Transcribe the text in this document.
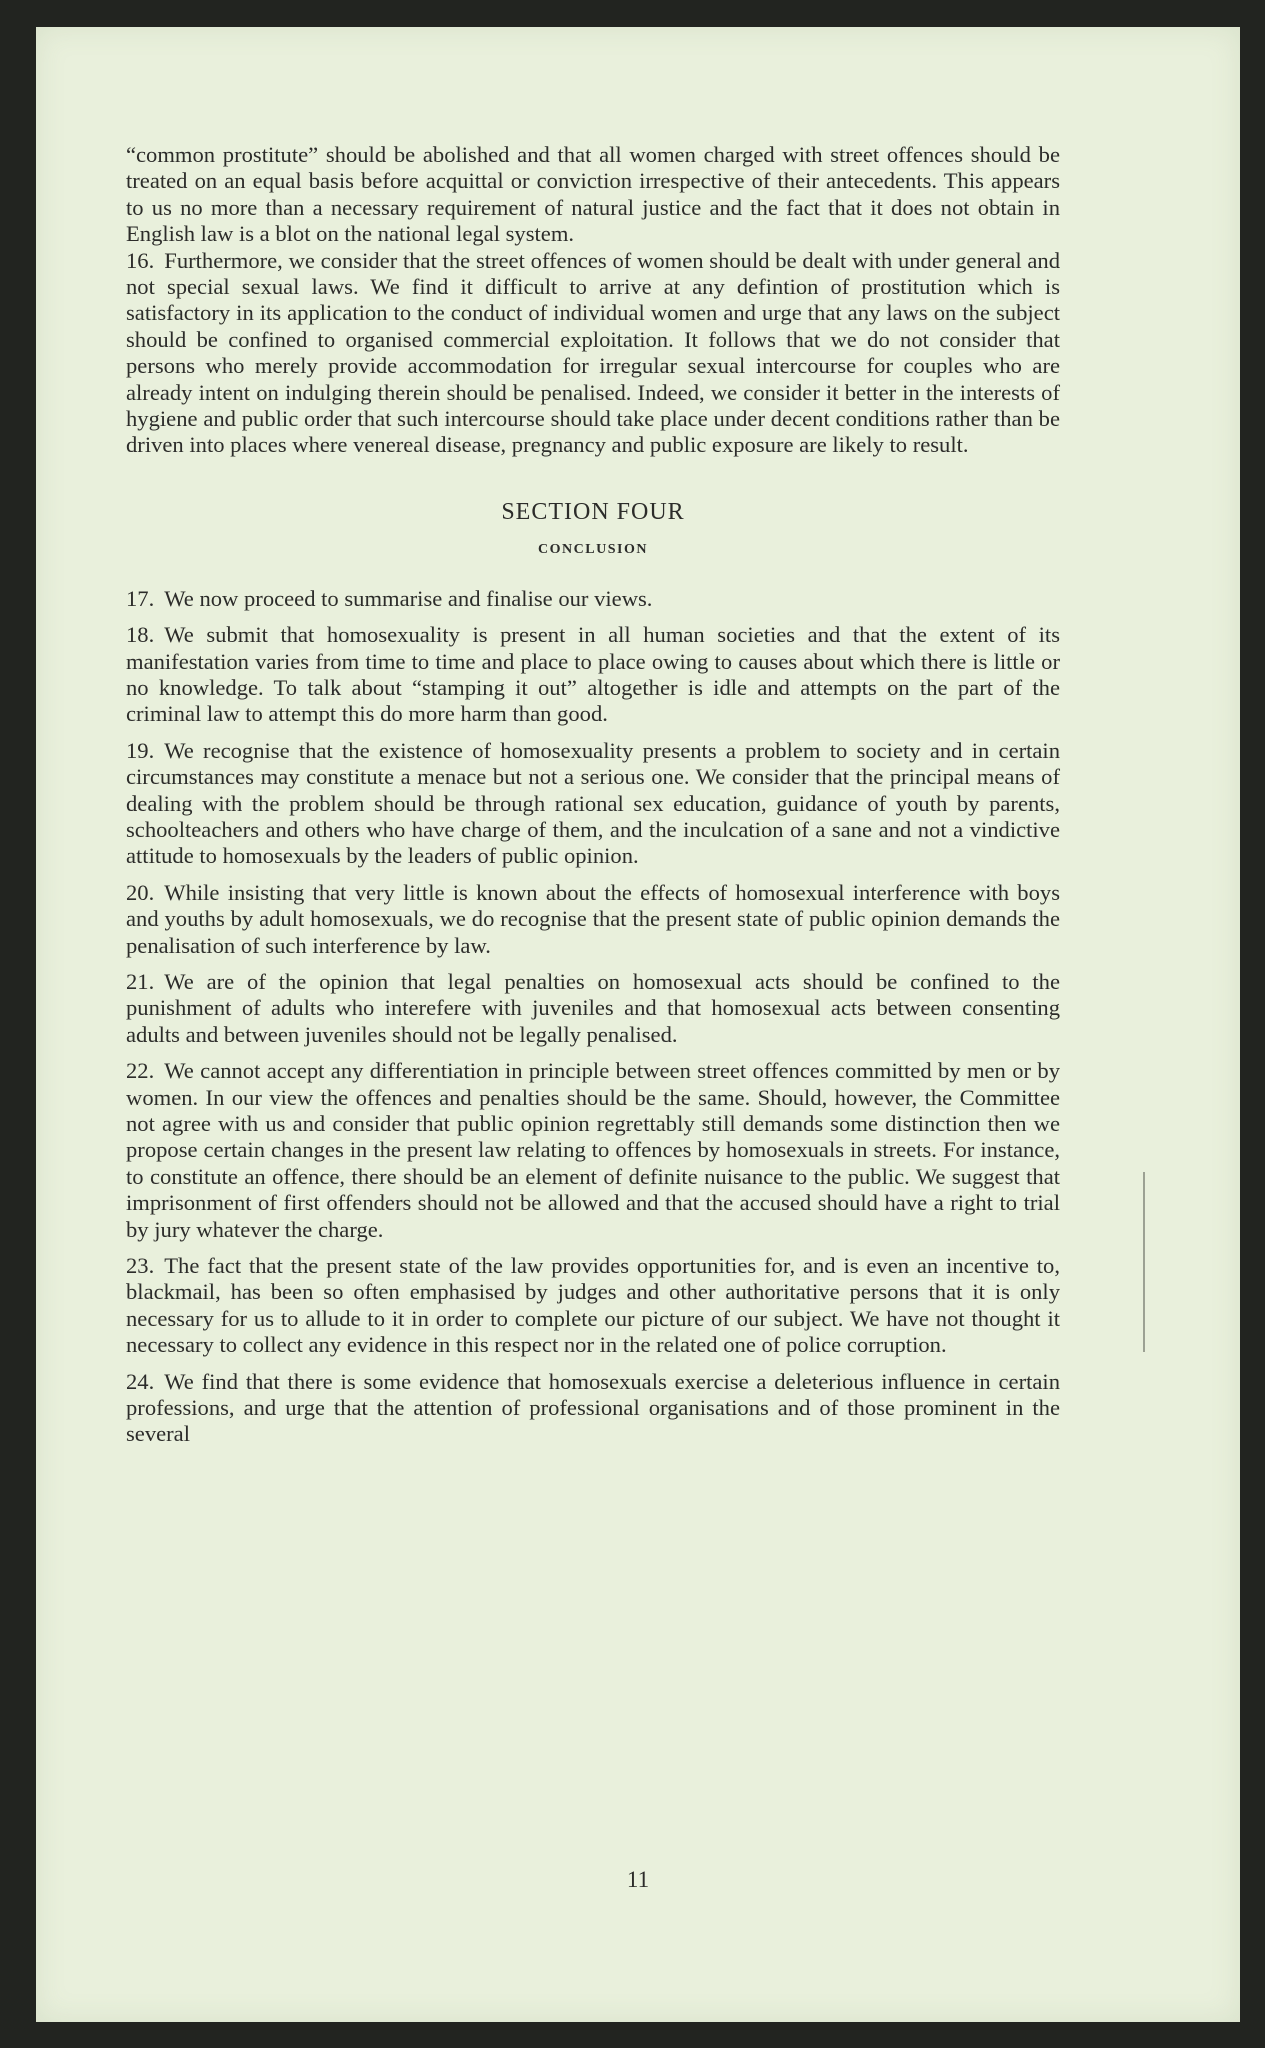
“common prostitute” should be abolished and that all women charged with street offences should be treated on an equal basis before acquittal or conviction irrespective of their antecedents. This appears to us no more than a necessary requirement of natural justice and the fact that it does not obtain in English law is a blot on the national legal system.

16. Furthermore, we consider that the street offences of women should be dealt with under general and not special sexual laws. We find it difficult to arrive at any defintion of prostitution which is satisfactory in its application to the conduct of individual women and urge that any laws on the subject should be confined to organised commercial exploitation. It follows that we do not consider that persons who merely provide accommodation for irregular sexual intercourse for couples who are already intent on indulging therein should be penalised. Indeed, we consider it better in the interests of hygiene and public order that such intercourse should take place under decent conditions rather than be driven into places where venereal disease, pregnancy and public exposure are likely to result.

SECTION FOUR
CONCLUSION

17. We now proceed to summarise and finalise our views.

18. We submit that homosexuality is present in all human societies and that the extent of its manifestation varies from time to time and place to place owing to causes about which there is little or no knowledge. To talk about “stamping it out” altogether is idle and attempts on the part of the criminal law to attempt this do more harm than good.

19. We recognise that the existence of homosexuality presents a problem to society and in certain circumstances may constitute a menace but not a serious one. We consider that the principal means of dealing with the problem should be through rational sex education, guidance of youth by parents, schoolteachers and others who have charge of them, and the inculcation of a sane and not a vindictive attitude to homosexuals by the leaders of public opinion.

20. While insisting that very little is known about the effects of homosexual interference with boys and youths by adult homosexuals, we do recognise that the present state of public opinion demands the penalisation of such interference by law.

21. We are of the opinion that legal penalties on homosexual acts should be confined to the punishment of adults who interefere with juveniles and that homosexual acts between consenting adults and between juveniles should not be legally penalised.

22. We cannot accept any differentiation in principle between street offences committed by men or by women. In our view the offences and penalties should be the same. Should, however, the Committee not agree with us and consider that public opinion regrettably still demands some distinction then we propose certain changes in the present law relating to offences by homosexuals in streets. For instance, to constitute an offence, there should be an element of definite nuisance to the public. We suggest that imprisonment of first offenders should not be allowed and that the accused should have a right to trial by jury whatever the charge.

23. The fact that the present state of the law provides opportunities for, and is even an incentive to, blackmail, has been so often emphasised by judges and other authoritative persons that it is only necessary for us to allude to it in order to complete our picture of our subject. We have not thought it necessary to collect any evidence in this respect nor in the related one of police corruption.

24. We find that there is some evidence that homosexuals exercise a deleterious influence in certain professions, and urge that the attention of professional organisations and of those prominent in the several

11
